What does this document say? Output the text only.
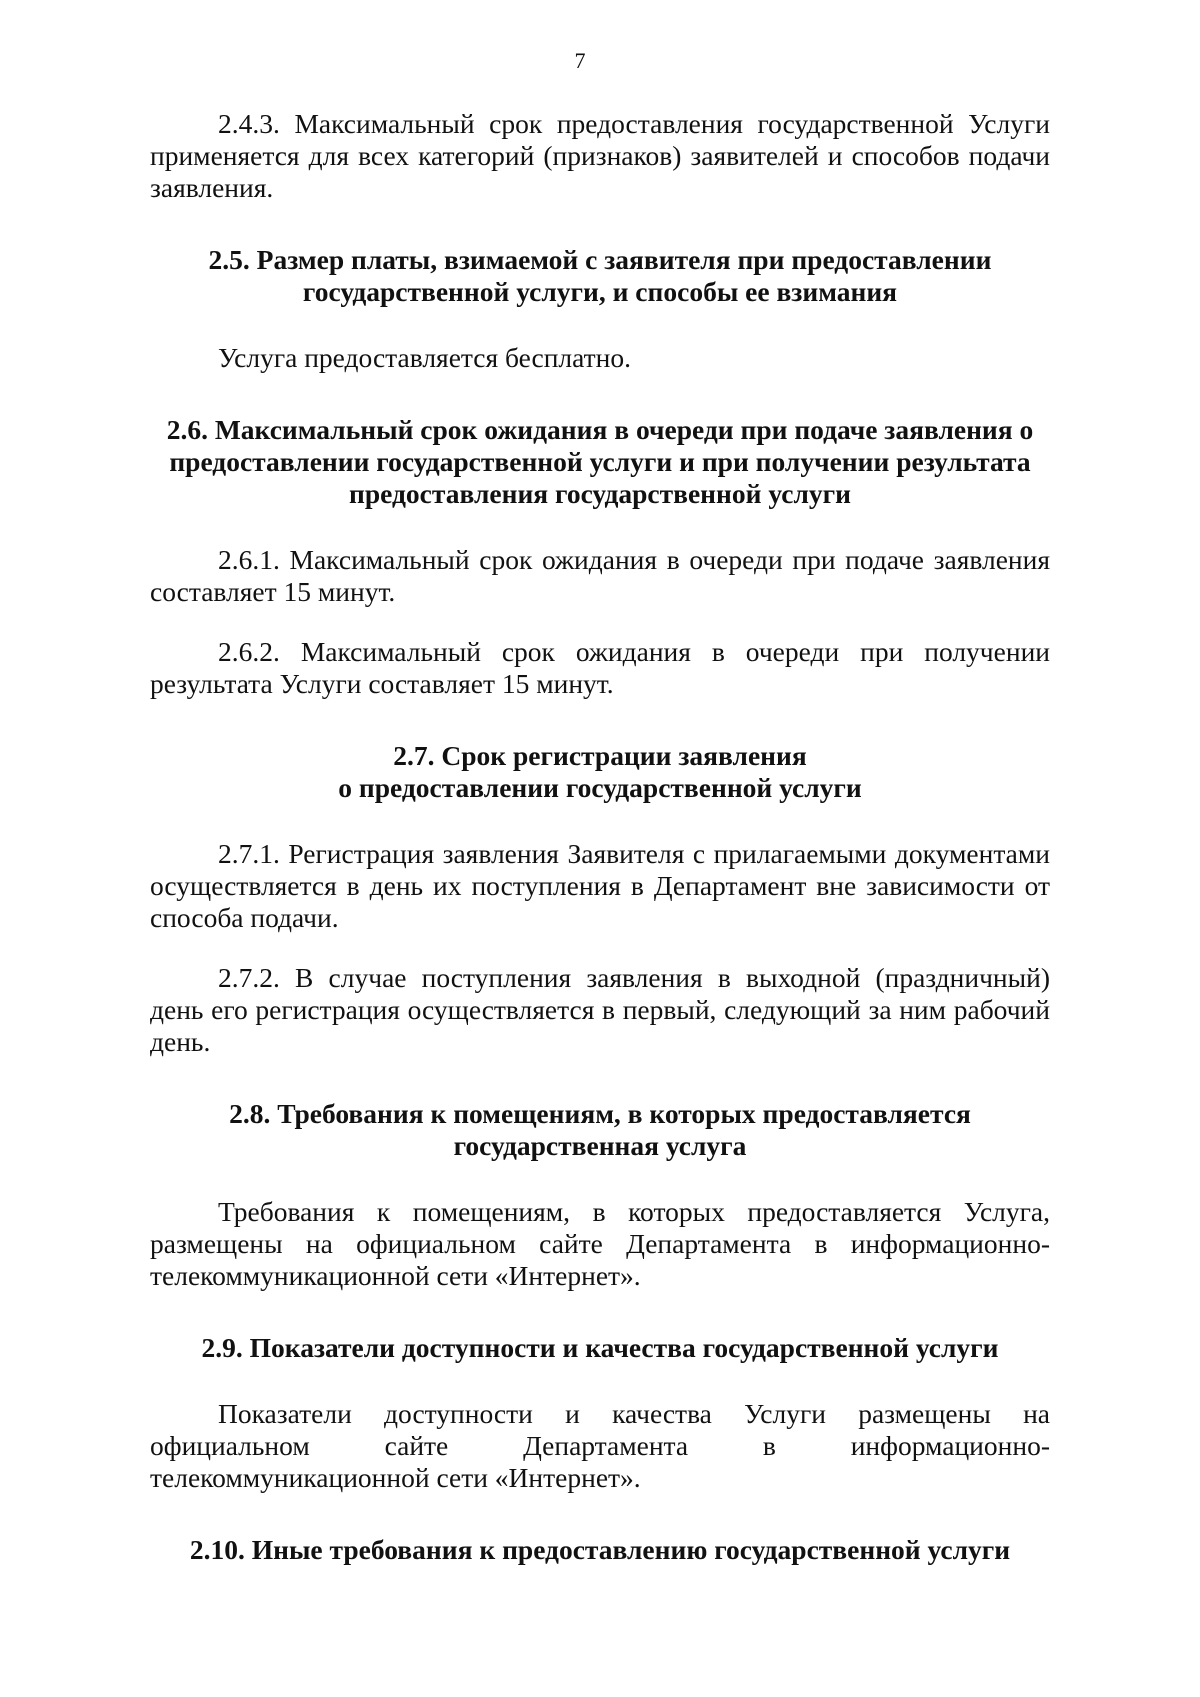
7

2.4.3. Максимальный срок предоставления государственной Услуги применяется для всех категорий (признаков) заявителей и способов подачи заявления.

2.5. Размер платы, взимаемой с заявителя при предоставлении государственной услуги, и способы ее взимания

Услуга предоставляется бесплатно.

2.6. Максимальный срок ожидания в очереди при подаче заявления о предоставлении государственной услуги и при получении результата предоставления государственной услуги

2.6.1. Максимальный срок ожидания в очереди при подаче заявления составляет 15 минут.

2.6.2. Максимальный срок ожидания в очереди при получении результата Услуги составляет 15 минут.

2.7. Срок регистрации заявления
о предоставлении государственной услуги

2.7.1. Регистрация заявления Заявителя с прилагаемыми документами осуществляется в день их поступления в Департамент вне зависимости от способа подачи.

2.7.2. В случае поступления заявления в выходной (праздничный) день его регистрация осуществляется в первый, следующий за ним рабочий день.

2.8. Требования к помещениям, в которых предоставляется государственная услуга

Требования к помещениям, в которых предоставляется Услуга, размещены на официальном сайте Департамента в информационно-телекоммуникационной сети «Интернет».

2.9. Показатели доступности и качества государственной услуги

Показатели доступности и качества Услуги размещены на официальном сайте Департамента в информационно-телекоммуникационной сети «Интернет».

2.10. Иные требования к предоставлению государственной услуги
